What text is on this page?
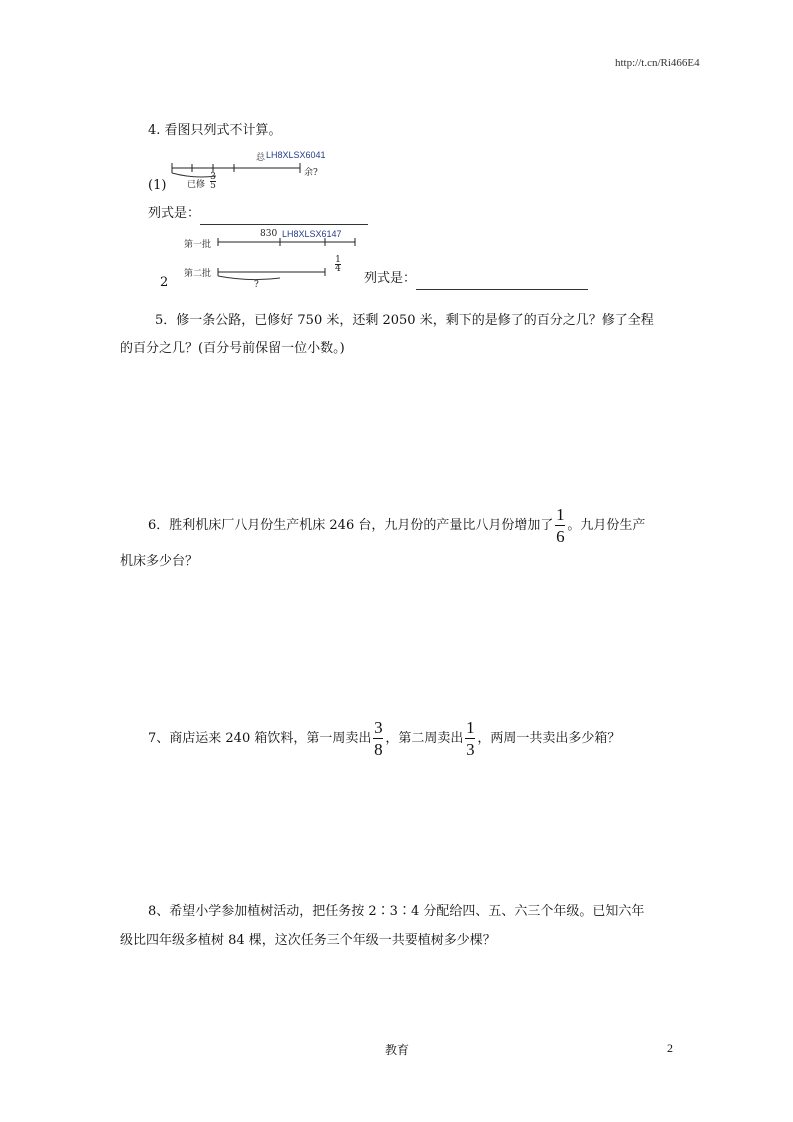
http://t.cn/Ri466E4
4. 看图只列式不计算。
总 LH8XLSX6041
余?
(1) 已修
3
5
列式是：
第一批
830 LH8XLSX6147
第二批
1
4
?
2	列式是：
5．修一条公路，已修好 750 米，还剩 2050 米，剩下的是修了的百分之几？修了全程
的百分之几？(百分号前保留一位小数。)
6．胜利机床厂八月份生产机床 246 台，九月份的产量比八月份增加了 $\frac{1}{6}$ 。九月份生产
机床多少台？
7、商店运来 240 箱饮料，第一周卖出 $\frac{3}{8}$ ，第二周卖出 $\frac{1}{3}$ ，两周一共卖出多少箱？
8、希望小学参加植树活动，把任务按 2∶3∶4 分配给四、五、六三个年级。已知六年
级比四年级多植树 84 棵，这次任务三个年级一共要植树多少棵？
教育	2
